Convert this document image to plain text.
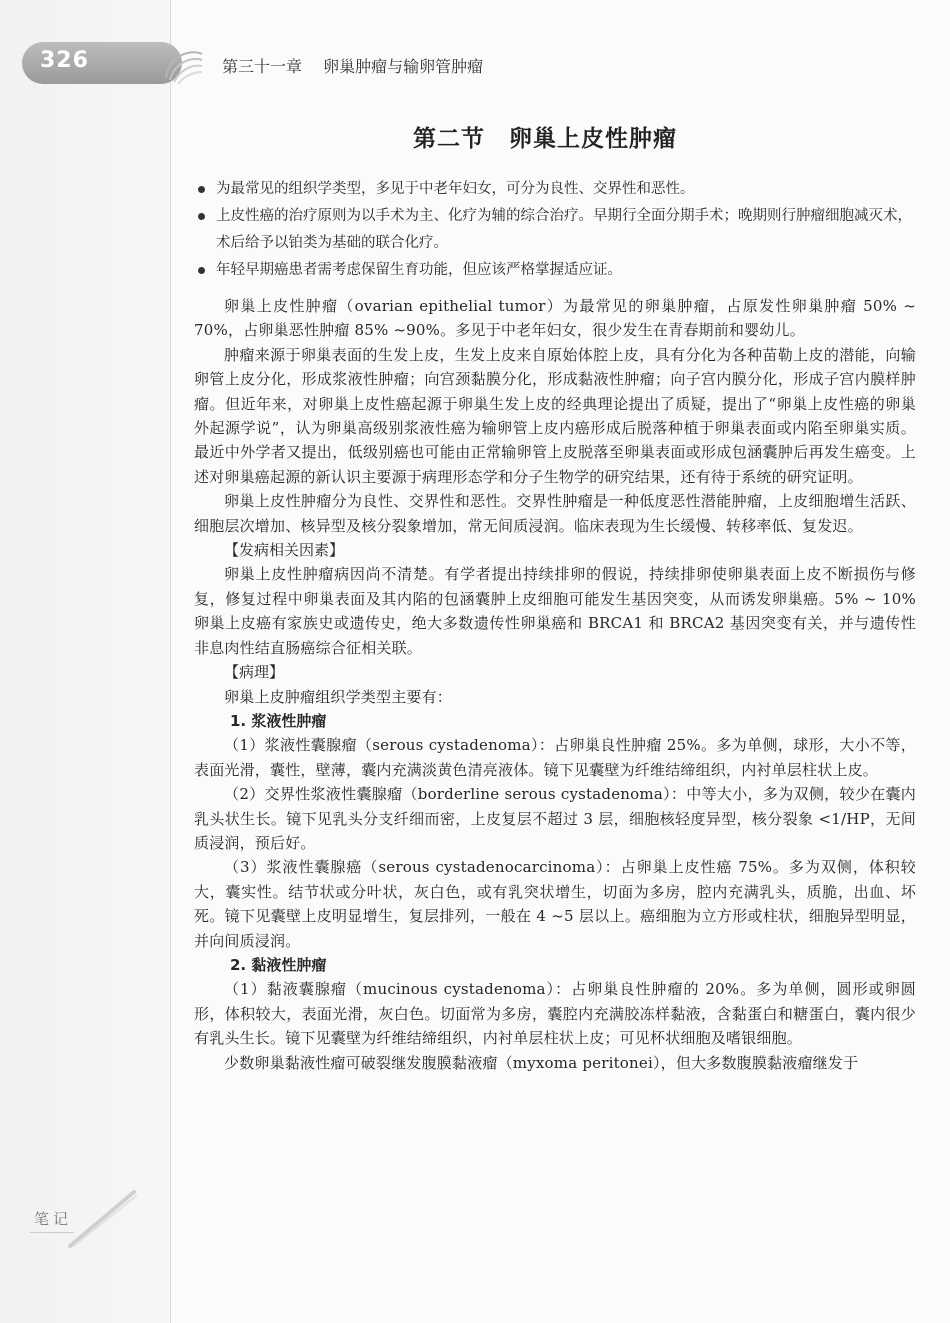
326	第三十一章 卵巢肿瘤与输卵管肿瘤
第二节　卵巢上皮性肿瘤
为最常见的组织学类型，多见于中老年妇女，可分为良性、交界性和恶性。
上皮性癌的治疗原则为以手术为主、化疗为辅的综合治疗。早期行全面分期手术；晚期则行肿瘤细胞减灭术，术后给予以铂类为基础的联合化疗。
年轻早期癌患者需考虑保留生育功能，但应该严格掌握适应证。

卵巢上皮性肿瘤（ovarian epithelial tumor）为最常见的卵巢肿瘤，占原发性卵巢肿瘤 50% ~ 70%，占卵巢恶性肿瘤 85% ~90%。多见于中老年妇女，很少发生在青春期前和婴幼儿。

肿瘤来源于卵巢表面的生发上皮，生发上皮来自原始体腔上皮，具有分化为各种苗勒上皮的潜能，向输卵管上皮分化，形成浆液性肿瘤；向宫颈黏膜分化，形成黏液性肿瘤；向子宫内膜分化，形成子宫内膜样肿瘤。但近年来，对卵巢上皮性癌起源于卵巢生发上皮的经典理论提出了质疑，提出了“卵巢上皮性癌的卵巢外起源学说”，认为卵巢高级别浆液性癌为输卵管上皮内癌形成后脱落种植于卵巢表面或内陷至卵巢实质。最近中外学者又提出，低级别癌也可能由正常输卵管上皮脱落至卵巢表面或形成包涵囊肿后再发生癌变。上述对卵巢癌起源的新认识主要源于病理形态学和分子生物学的研究结果，还有待于系统的研究证明。

卵巢上皮性肿瘤分为良性、交界性和恶性。交界性肿瘤是一种低度恶性潜能肿瘤，上皮细胞增生活跃、细胞层次增加、核异型及核分裂象增加，常无间质浸润。临床表现为生长缓慢、转移率低、复发迟。

【发病相关因素】

卵巢上皮性肿瘤病因尚不清楚。有学者提出持续排卵的假说，持续排卵使卵巢表面上皮不断损伤与修复，修复过程中卵巢表面及其内陷的包涵囊肿上皮细胞可能发生基因突变，从而诱发卵巢癌。5% ~ 10% 卵巢上皮癌有家族史或遗传史，绝大多数遗传性卵巢癌和 BRCA1 和 BRCA2 基因突变有关，并与遗传性非息肉性结直肠癌综合征相关联。

【病理】

卵巢上皮肿瘤组织学类型主要有：

1. 浆液性肿瘤

（1）浆液性囊腺瘤（serous cystadenoma）：占卵巢良性肿瘤 25%。多为单侧，球形，大小不等，表面光滑，囊性，壁薄，囊内充满淡黄色清亮液体。镜下见囊壁为纤维结缔组织，内衬单层柱状上皮。

（2）交界性浆液性囊腺瘤（borderline serous cystadenoma）：中等大小，多为双侧，较少在囊内乳头状生长。镜下见乳头分支纤细而密，上皮复层不超过 3 层，细胞核轻度异型，核分裂象 <1/HP，无间质浸润，预后好。

（3）浆液性囊腺癌（serous cystadenocarcinoma）：占卵巢上皮性癌 75%。多为双侧，体积较大，囊实性。结节状或分叶状，灰白色，或有乳突状增生，切面为多房，腔内充满乳头，质脆，出血、坏死。镜下见囊壁上皮明显增生，复层排列，一般在 4 ~5 层以上。癌细胞为立方形或柱状，细胞异型明显，并向间质浸润。

2. 黏液性肿瘤

（1）黏液囊腺瘤（mucinous cystadenoma）：占卵巢良性肿瘤的 20%。多为单侧，圆形或卵圆形，体积较大，表面光滑，灰白色。切面常为多房，囊腔内充满胶冻样黏液，含黏蛋白和糖蛋白，囊内很少有乳头生长。镜下见囊壁为纤维结缔组织，内衬单层柱状上皮；可见杯状细胞及嗜银细胞。

少数卵巢黏液性瘤可破裂继发腹膜黏液瘤（myxoma peritonei），但大多数腹膜黏液瘤继发于

笔记
